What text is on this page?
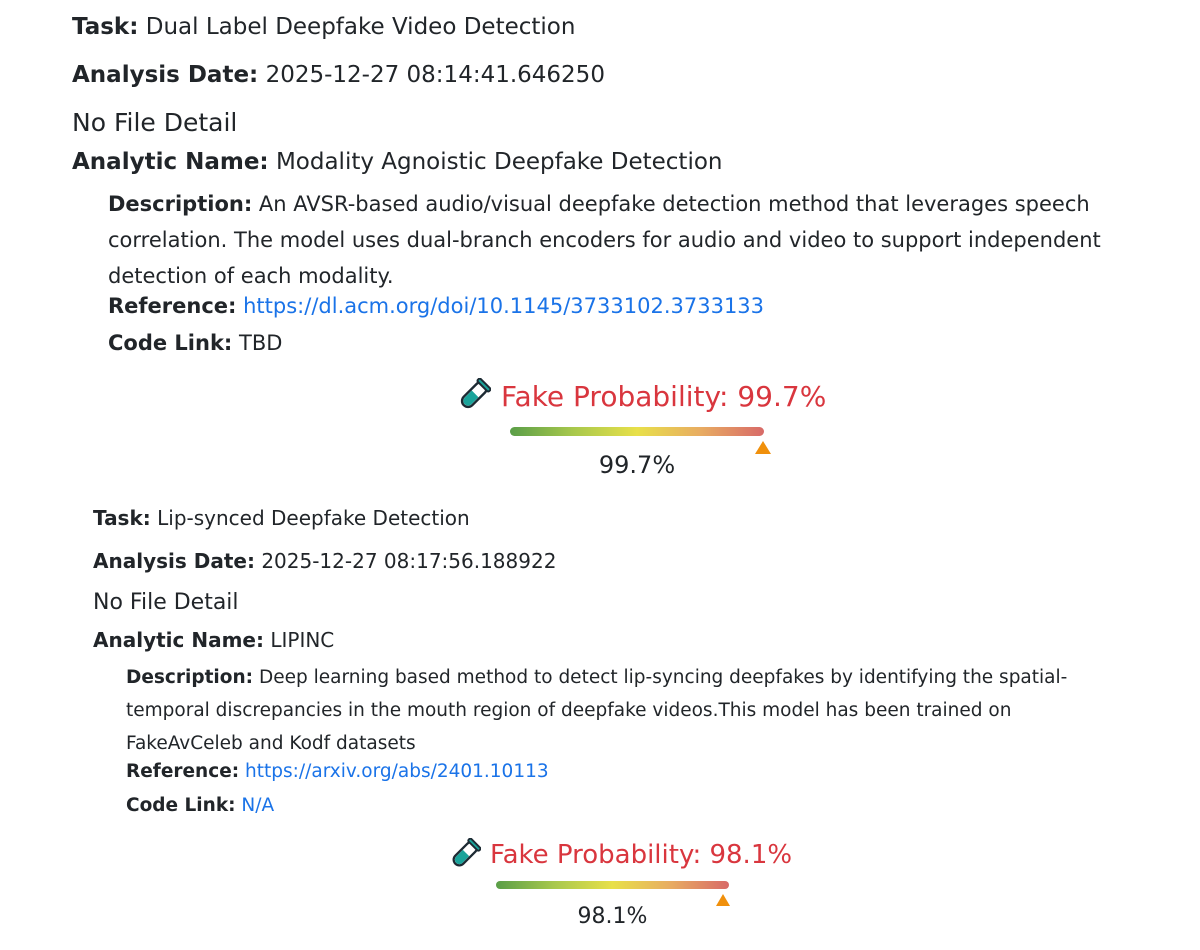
Task: Dual Label Deepfake Video Detection
Analysis Date: 2025-12-27 08:14:41.646250
No File Detail
Analytic Name: Modality Agnoistic Deepfake Detection
Description: An AVSR-based audio/visual deepfake detection method that leverages speech correlation. The model uses dual-branch encoders for audio and video to support independent detection of each modality.
Reference: https://dl.acm.org/doi/10.1145/3733102.3733133
Code Link: TBD
Fake Probability: 99.7%
99.7%
Task: Lip-synced Deepfake Detection
Analysis Date: 2025-12-27 08:17:56.188922
No File Detail
Analytic Name: LIPINC
Description: Deep learning based method to detect lip-syncing deepfakes by identifying the spatial-temporal discrepancies in the mouth region of deepfake videos.This model has been trained on FakeAvCeleb and Kodf datasets
Reference: https://arxiv.org/abs/2401.10113
Code Link: N/A
Fake Probability: 98.1%
98.1%
